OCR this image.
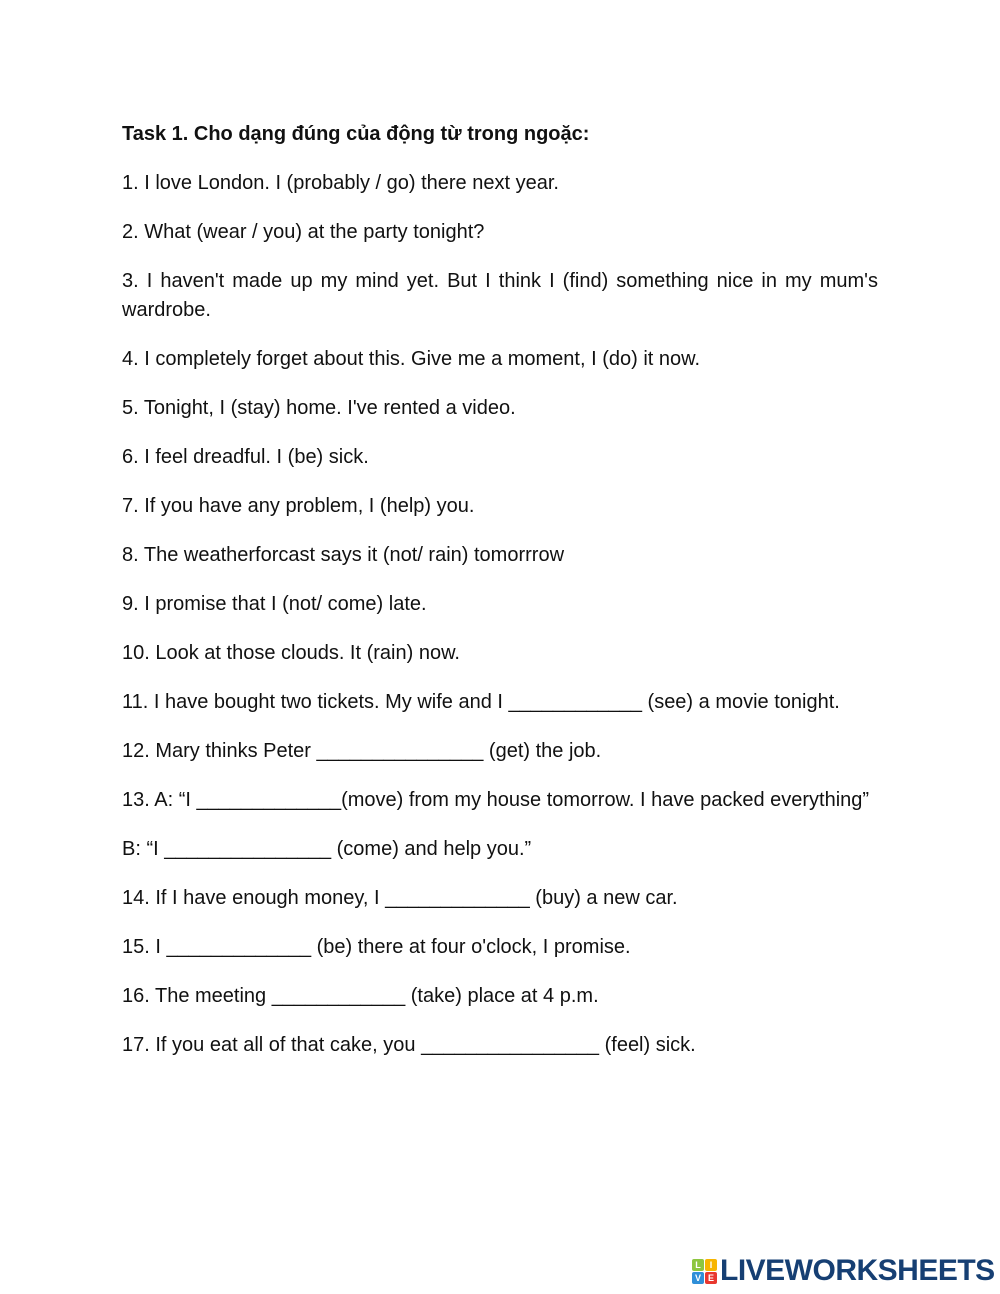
Task 1. Cho dạng đúng của động từ trong ngoặc:

1. I love London. I (probably / go) there next year.

2. What (wear / you) at the party tonight?

3. I haven't made up my mind yet. But I think I (find) something nice in my mum's wardrobe.

4. I completely forget about this. Give me a moment, I (do) it now.

5. Tonight, I (stay) home. I've rented a video.

6. I feel dreadful. I (be) sick.

7. If you have any problem, I (help) you.

8. The weatherforcast says it (not/ rain) tomorrrow

9. I promise that I (not/ come) late.

10. Look at those clouds. It (rain) now.

11. I have bought two tickets. My wife and I ____________ (see) a movie tonight.

12. Mary thinks Peter _______________ (get) the job.

13. A: “I _____________(move) from my house tomorrow. I have packed everything”

B: “I _______________ (come) and help you.”

14. If I have enough money, I _____________ (buy) a new car.

15. I _____________ (be) there at four o'clock, I promise.

16. The meeting ____________ (take) place at 4 p.m.

17. If you eat all of that cake, you ________________ (feel) sick.

L I
V E LIVEWORKSHEETS
